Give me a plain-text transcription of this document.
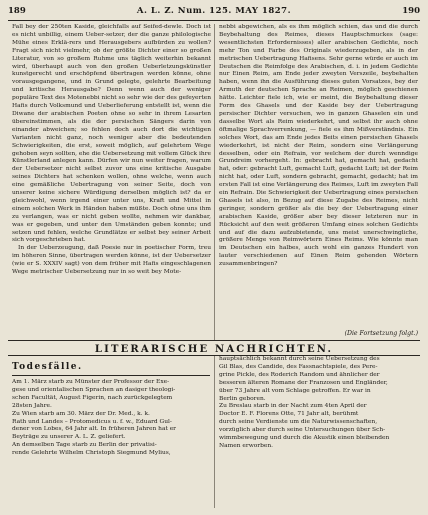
189	A. L. Z. Num. 125. MAY 1827.	190

Fall bey der 250ten Kaside, gleichfalls auf Seifed-dewle. Doch ist es nicht unbillig, einem Ueber-setzer, der die ganze philologische Mühe eines Erklä-rers und Herausgebers aufbürden zu wollen? Fragt sich nicht vielmehr, ob der größte Dichter einer so großen Literatur, von so großem Ruhme uns täglich weiterhin bekannt wird, überhaupt auch von den großen Ueberletzungskünstler kunstgerecht und erschöpfend übertragen werden könne, ohne vorausgegangene, und in Grund gelegte, gelehrte Bearbeitung und kritische Herausgabe? Denn wenn auch der weniger populäre Text des Motenebbi nicht so sehr wie der des gefeyerten Hafis durch Volksmund und Ueberlieferung entstellt ist, wenn die Diwane der arabischen Poeten ohne so sehr in ihrem Lesarten übereinstimmen, als die der persischen Sängers darin von einander abweichen; so fehlen doch auch dort die wichtigen Varianten nicht ganz, noch weniger aber die bedeutenden Schwierigkeiten, die erst, soweit möglich, auf gelehrtem Wege gehoben seyn sollten, ehe die Uebersetzung mit vollem Glück ihre Künstlerland anlegen kann. Dürfen wir nun weiter fragen, warum der Uebersetzer nicht selbst zuvor uns eine kritische Ausgabe seines Dichters hat schenken wollen, ohne welche, wenn auch eine gemäßliche Uebertragung von seiner Seite, doch von unserer keine sichere Würdigung derselben möglich ist? da er gleichwohl, wenn irgend einer unter uns, Kraft und Mittel in einem solchen Werk in Händen haben müßte. Doch ohne uns ihm zu verlangen, was er nicht geben wollte, nehmen wir dankbar, was er gegeben, und unter den Umständen geben konnte; und setzen und fehlen, welche Grundlätze er selbst bey seiner Arbeit sich vorgeschrieben hat.

In der Ueberzeugung, daß Poesie nur in poetischer Form, treu im höheren Sinne, übertragen werden könne, ist der Uebersetzer (wie er S. XXXIV sagt) von dem früher mit Hafis eingeschlagenen Wege metrischer Uebersetzung nur in so weit bey Mote-

nebbi abgewichen, als es ihm möglich schien, das und die durch Beybehaltung des Reimes, dieses Hauptschmuckes (sage: wesentlichsten Erfordernisses) aller arabischen Gedichte, noch mehr Ton und Farbe des Originals wiederzugeben, als in der metrischen Uebertragung Hafisens. Sehr gerne würde er auch im Deutschen die Reimfolge des Arabischen, d. i. in jedem Gedichte nur Einen Reim, am Ende jeder zweyten Verszeile, beybehalten haben, wenn ihn die Ausführung dieses guten Vorsatzes, bey der Armuth der deutschen Sprache an Reimen, möglich geschienen hätte. Leichter fiele ich, wie er meint, die Beybehaltung dieser Form des Ghasels und der Kaside bey der Uebertragung persischer Dichter versuchen, wo in ganzen Ghaselen ein und dasselbe Wort als Reim wiederkehrt, und selbst ihr auch ohne öftmalige Sprachverrenkung, — fiele es ihm Mißverständnis. Ein solches Wort, das am Ende jedes Beits einen persischen Ghasels wiederkehrt, ist nicht der Reim, sondern eine Verlängerung desselben, oder ein Refrain, vor welchem der durch wenndige Grundreim vorhergeht. In: gebracht hat, gemacht hat, gedacht hat, oder: gebracht Luft, gemacht Luft, gedacht Luft; ist der Reim nicht hat, oder Luft, sondern gebracht, gemacht, gedacht; hat im ersten Fall ist eine Verlängerung des Reimes, Luft im zweyten Fall ein Refrain. Die Schwierigkeit der Uebertragung eines persischen Ghasels ist also, in Bezug auf diese Zugabe des Reimes, nicht geringer, sondern größer als die bey der Uebertragung einer arabischen Kaside, größer aber bey dieser letzteren nur in Rücksicht auf den weit größeren Umfang eines solchen Gedichts und auf die dazu aufzubietende, uns meist unerschwingliche, größere Menge von Reimwörtern Eines Reims. Wie könnte man im Deutschen ein halbes, auch wohl ein ganzes Hundert von lauter verschiedenen auf Einen Reim gehenden Wörtern zusammenbringen?

(Die Fortsetzung folgt.)
LITERARISCHE NACHRICHTEN.
Todesfälle.
Am 1. März starb zu Münster der Professor der Exe-
gese und orientalischen Sprachen an dasiger theologi-
schen Facultät, August Figerin, nach zurückgelegtem
28sten Jahre.
Zu Wien starb am 30. März der Dr. Med., k. k.
Rath und Landes – Protomedicus u. f. w., Eduard Gul-
dener von Lobes, 64 Jahr alt. In früheren Jahren hat er
Beyträge zu unserer A. L. Z. geliefert.
An demselben Tage starb zu Berlin der privatisi-
rende Gelehrte Wilhelm Christoph Siegmund Mylius,
hauptsächlich bekannt durch seine Uebersetzung des
Gil Blas, des Candide, des Fassnachtspiele, des Pere-
grine Pickle, des Roderich Random und ähnlicher der
besseren älteren Romane der Franzosen und Engländer,
über 73 Jahre alt vom Schlage getroffen. Er war in
Berlin geboren.
Zu Breslau starb in der Nacht zum 4ten April der
Doctor E. F. Florens Otte, 71 Jahr alt, berühmt
durch seine Verdienste um die Naturwissenschaften,
vorzüglich aber durch seine Untersuchungen über Sch-
wimmbewegung und durch die Akustik einen bleibenden
Namen erworben.
